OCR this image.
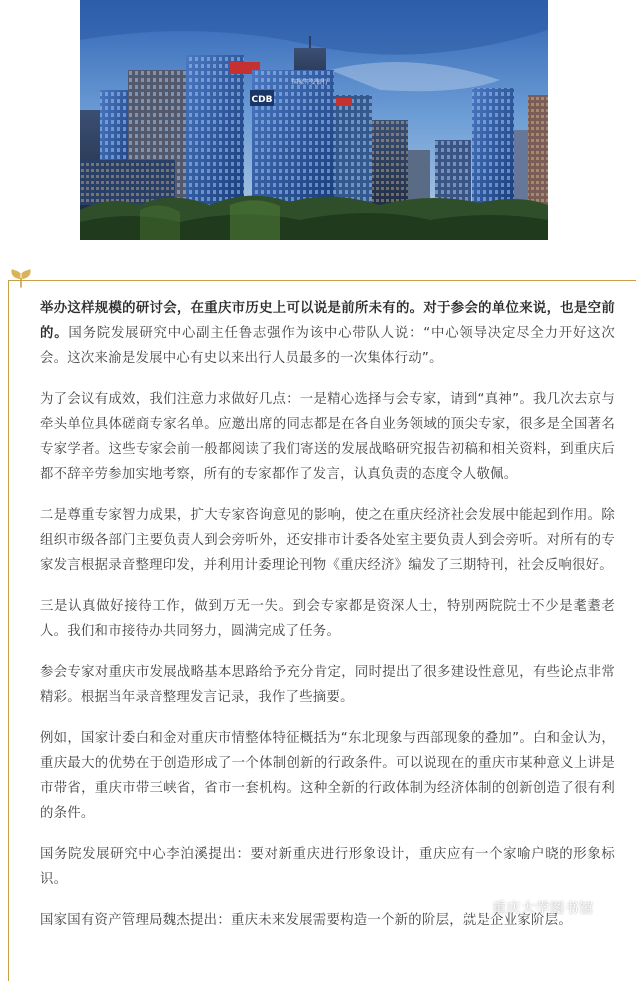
CDB
国家开发银行

举办这样规模的研讨会，在重庆市历史上可以说是前所未有的。对于参会的单位来说，也是空前的。国务院发展研究中心副主任鲁志强作为该中心带队人说：“中心领导决定尽全力开好这次会。这次来渝是发展中心有史以来出行人员最多的一次集体行动”。

为了会议有成效，我们注意力求做好几点：一是精心选择与会专家，请到“真神”。我几次去京与牵头单位具体磋商专家名单。应邀出席的同志都是在各自业务领域的顶尖专家，很多是全国著名专家学者。这些专家会前一般都阅读了我们寄送的发展战略研究报告初稿和相关资料，到重庆后都不辞辛劳参加实地考察，所有的专家都作了发言，认真负责的态度令人敬佩。

二是尊重专家智力成果，扩大专家咨询意见的影响，使之在重庆经济社会发展中能起到作用。除组织市级各部门主要负责人到会旁听外，还安排市计委各处室主要负责人到会旁听。对所有的专家发言根据录音整理印发，并利用计委理论刊物《重庆经济》编发了三期特刊，社会反响很好。

三是认真做好接待工作，做到万无一失。到会专家都是资深人士，特别两院院士不少是耄耋老人。我们和市接待办共同努力，圆满完成了任务。

参会专家对重庆市发展战略基本思路给予充分肯定，同时提出了很多建设性意见，有些论点非常精彩。根据当年录音整理发言记录，我作了些摘要。

例如，国家计委白和金对重庆市情整体特征概括为“东北现象与西部现象的叠加”。白和金认为，重庆最大的优势在于创造形成了一个体制创新的行政条件。可以说现在的重庆市某种意义上讲是市带省，重庆市带三峡省，省市一套机构。这种全新的行政体制为经济体制的创新创造了很有利的条件。

国务院发展研究中心李泊溪提出：要对新重庆进行形象设计，重庆应有一个家喻户晓的形象标识。

国家国有资产管理局魏杰提出：重庆未来发展需要构造一个新的阶层，就是企业家阶层。

重庆大学图书馆
